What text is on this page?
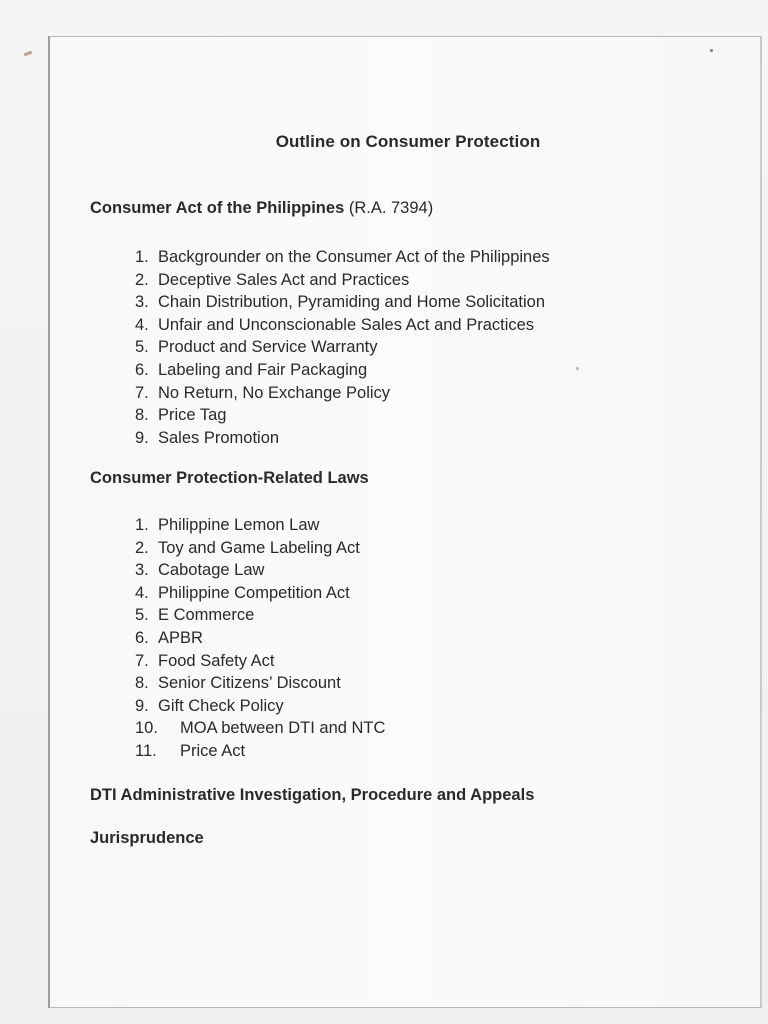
Outline on Consumer Protection
Consumer Act of the Philippines (R.A. 7394)
1. Backgrounder on the Consumer Act of the Philippines
2. Deceptive Sales Act and Practices
3. Chain Distribution, Pyramiding and Home Solicitation
4. Unfair and Unconscionable Sales Act and Practices
5. Product and Service Warranty
6. Labeling and Fair Packaging
7. No Return, No Exchange Policy
8. Price Tag
9. Sales Promotion
Consumer Protection-Related Laws
1. Philippine Lemon Law
2. Toy and Game Labeling Act
3. Cabotage Law
4. Philippine Competition Act
5. E Commerce
6. APBR
7. Food Safety Act
8. Senior Citizens’ Discount
9. Gift Check Policy
10. MOA between DTI and NTC
11. Price Act
DTI Administrative Investigation, Procedure and Appeals
Jurisprudence
